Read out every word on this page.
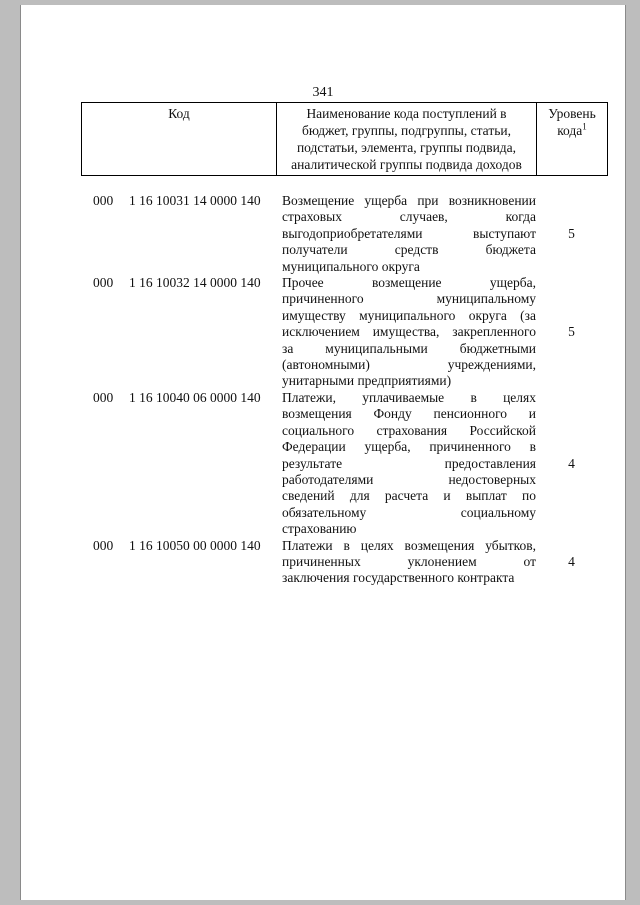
341
Код	Наименование кода поступлений в
бюджет, группы, подгруппы, статьи,
подстатьи, элемента, группы подвида,
аналитической группы подвида доходов

Уровень
кода$^1$
000	1 16 10031 14 0000 140	Возмещение ущерба при возникновении
страховых случаев, когда
выгодоприобретателями выступают
получатели средств бюджета
муниципального округа
5
000	1 16 10032 14 0000 140	Прочее возмещение ущерба,
причиненного муниципальному
имуществу муниципального округа (за
исключением имущества, закрепленного
за муниципальными бюджетными
(автономными) учреждениями,
унитарными предприятиями)
5
000	1 16 10040 06 0000 140	Платежи, уплачиваемые в целях
возмещения Фонду пенсионного и
социального страхования Российской
Федерации ущерба, причиненного в
результате предоставления
работодателями недостоверных
сведений для расчета и выплат по
обязательному социальному
страхованию
4
000	1 16 10050 00 0000 140	Платежи в целях возмещения убытков,
причиненных уклонением от
заключения государственного контракта
4
